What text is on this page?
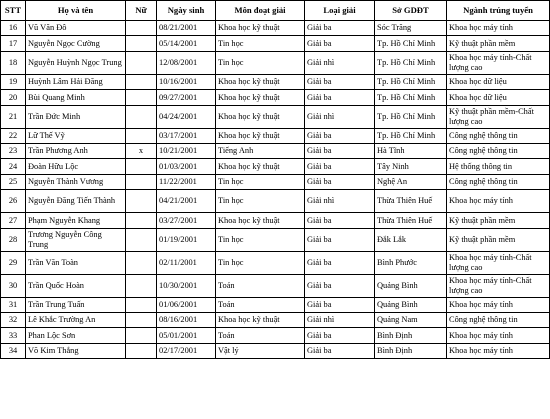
STT	Họ và tên	Nữ	Ngày sinh	Môn đoạt giải	Loại giải	Sở GDĐT	Ngành trúng tuyển
16	Vũ Văn Đô		08/21/2001	Khoa học kỹ thuật	Giải ba	Sóc Trăng	Khoa học máy tính
17	Nguyễn Ngọc Cường		05/14/2001	Tin học	Giải ba	Tp. Hồ Chí Minh	Kỹ thuật phần mềm
18	Nguyễn Huỳnh Ngọc Trung		12/08/2001	Tin học	Giải nhì	Tp. Hồ Chí Minh	Khoa học máy tính-Chất lượng cao
19	Huỳnh Lâm Hải Đăng		10/16/2001	Khoa học kỹ thuật	Giải ba	Tp. Hồ Chí Minh	Khoa học dữ liệu
20	Bùi Quang Minh		09/27/2001	Khoa học kỹ thuật	Giải ba	Tp. Hồ Chí Minh	Khoa học dữ liệu
21	Trần Đức Minh		04/24/2001	Khoa học kỹ thuật	Giải nhì	Tp. Hồ Chí Minh	Kỹ thuật phần mềm-Chất lượng cao
22	Lữ Thế Vỹ		03/17/2001	Khoa học kỹ thuật	Giải ba	Tp. Hồ Chí Minh	Công nghệ thông tin
23	Trần Phương Anh	x	10/21/2001	Tiếng Anh	Giải ba	Hà Tĩnh	Công nghệ thông tin
24	Đoàn Hữu Lộc		01/03/2001	Khoa học kỹ thuật	Giải ba	Tây Ninh	Hệ thống thông tin
25	Nguyễn Thành Vương		11/22/2001	Tin học	Giải ba	Nghệ An	Công nghệ thông tin
26	Nguyễn Đăng Tiến Thành		04/21/2001	Tin học	Giải nhì	Thừa Thiên Huế	Khoa học máy tính
27	Phạm Nguyễn Khang		03/27/2001	Khoa học kỹ thuật	Giải ba	Thừa Thiên Huế	Kỹ thuật phần mềm
28	Trương Nguyễn Công Trung		01/19/2001	Tin học	Giải ba	Đắk Lắk	Kỹ thuật phần mềm
29	Trần Văn Toàn		02/11/2001	Tin học	Giải ba	Bình Phước	Khoa học máy tính-Chất lượng cao
30	Trần Quốc Hoàn		10/30/2001	Toán	Giải ba	Quảng Bình	Khoa học máy tính-Chất lượng cao
31	Trần Trung Tuấn		01/06/2001	Toán	Giải ba	Quảng Bình	Khoa học máy tính
32	Lê Khắc Trường An		08/16/2001	Khoa học kỹ thuật	Giải nhì	Quảng Nam	Công nghệ thông tin
33	Phan Lộc Sơn		05/01/2001	Toán	Giải ba	Bình Định	Khoa học máy tính
34	Võ Kim Thắng		02/17/2001	Vật lý	Giải ba	Bình Định	Khoa học máy tính
